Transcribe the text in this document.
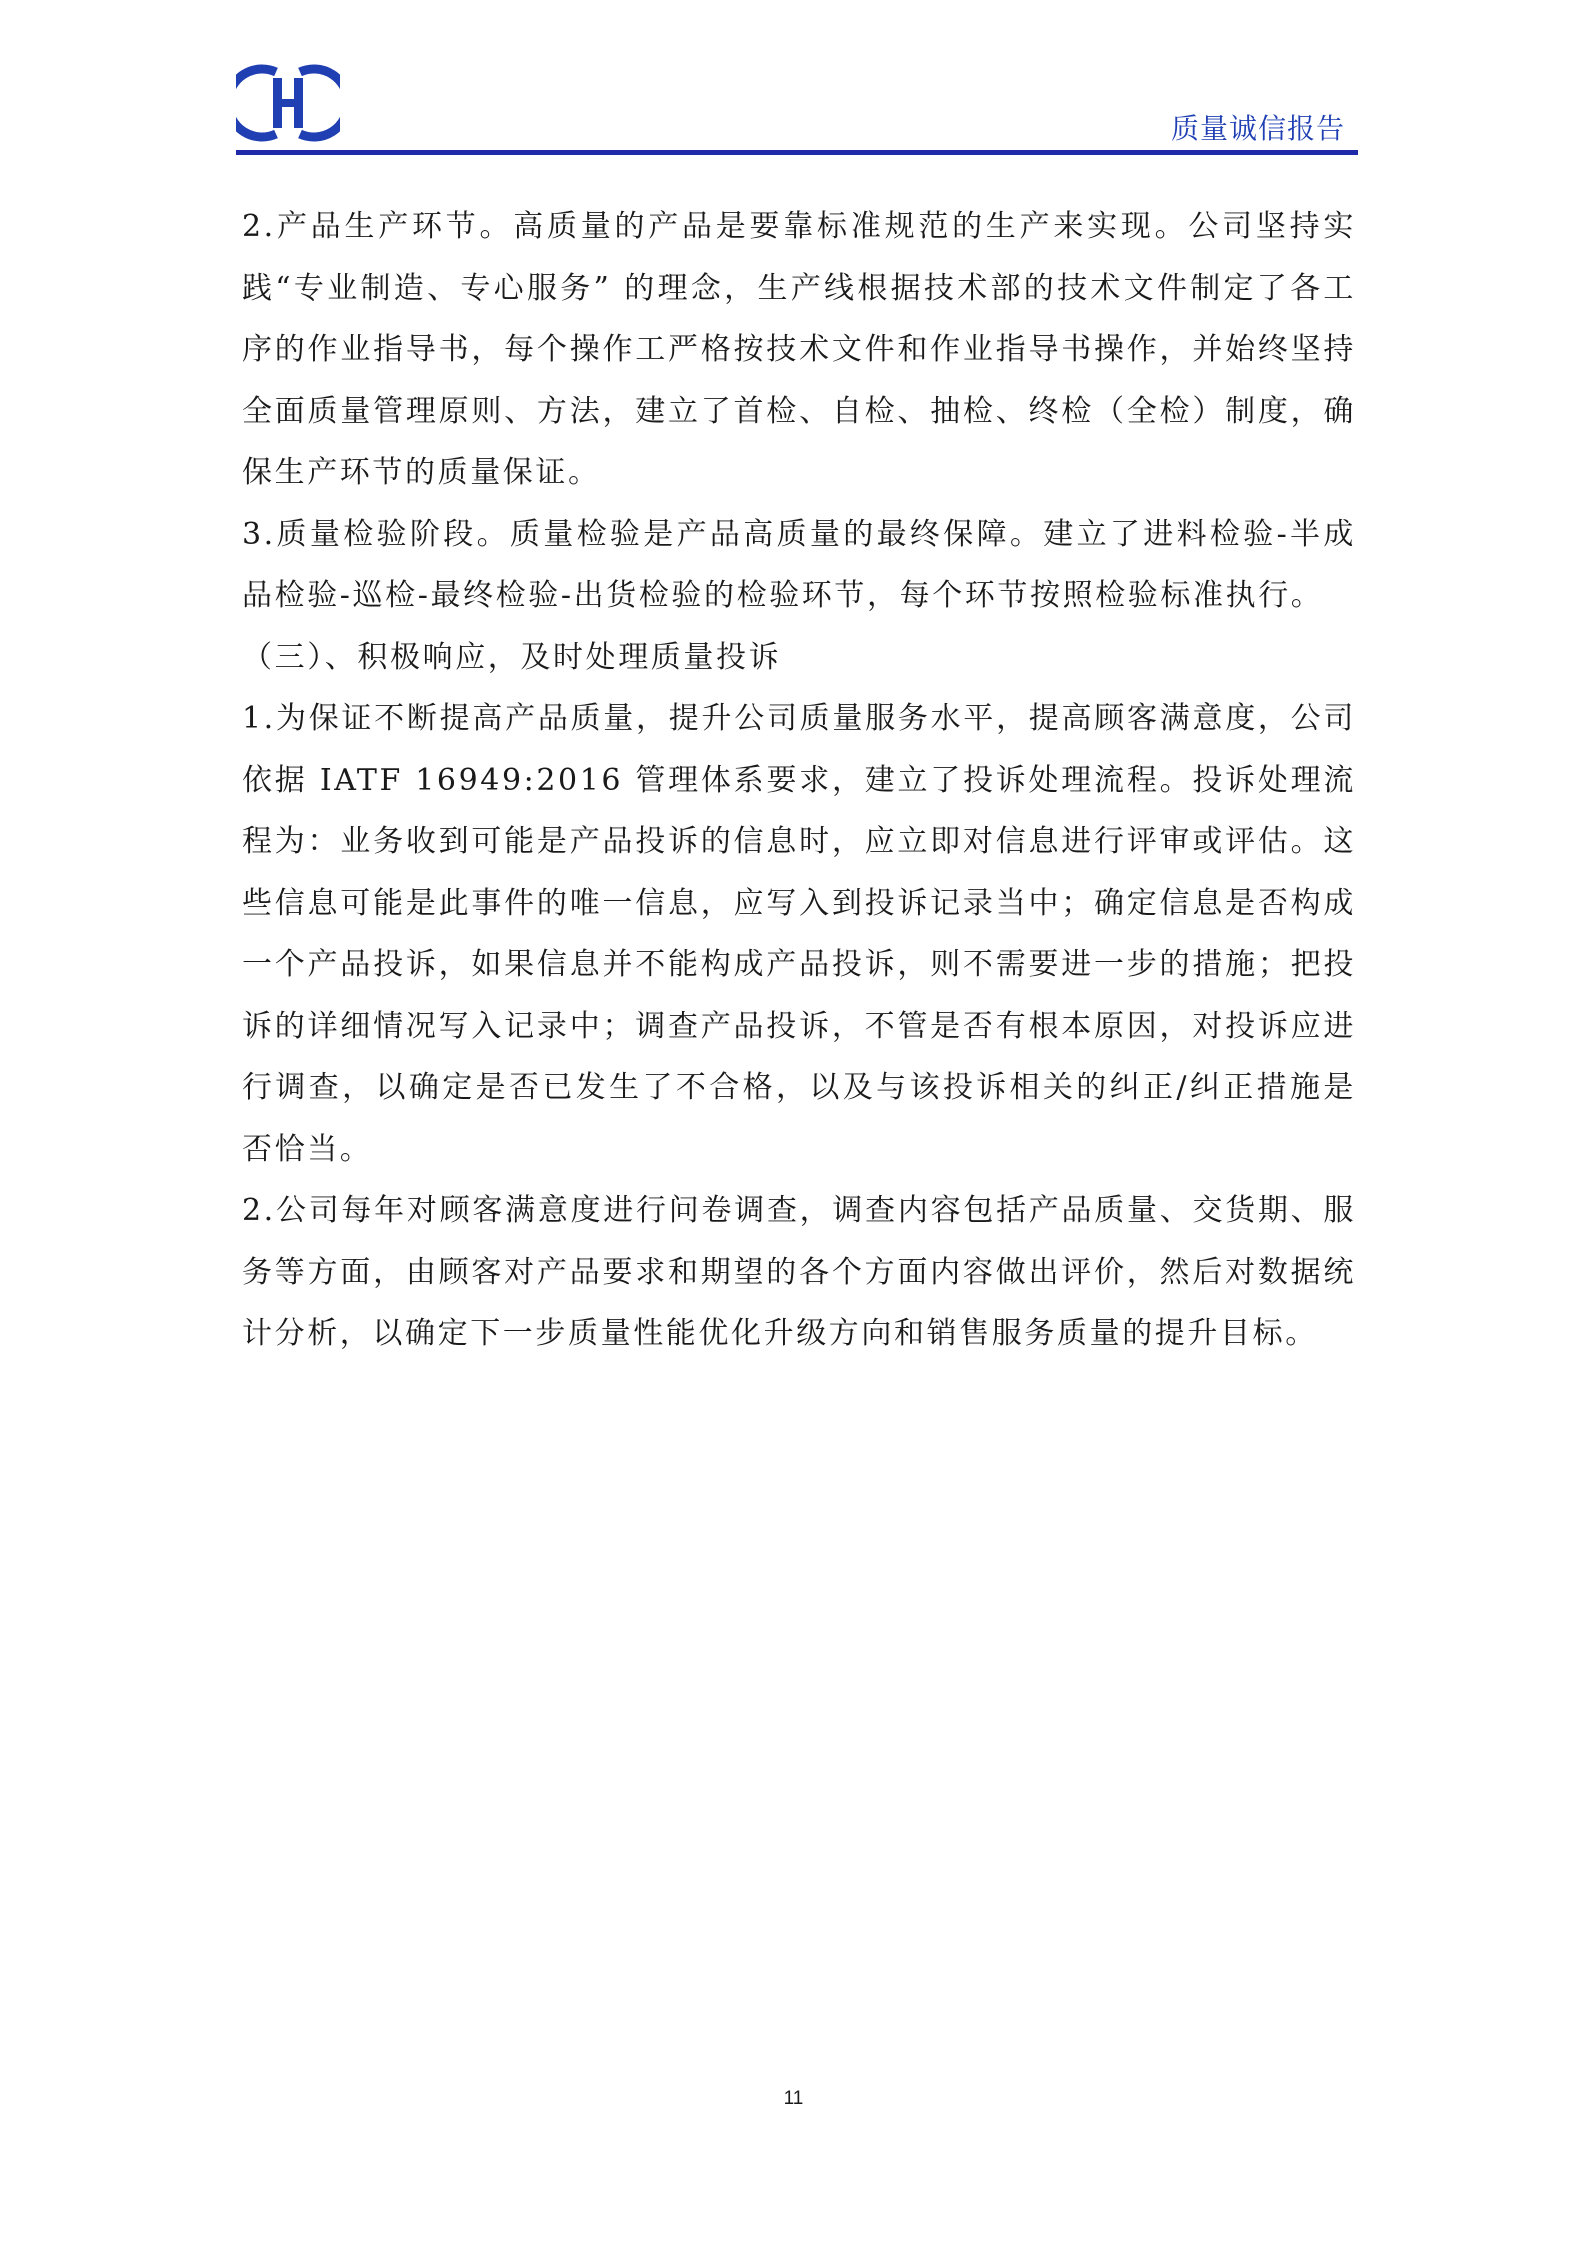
质量诚信报告

2.产品生产环节。高质量的产品是要靠标准规范的生产来实现。公司坚持实践“专业制造、专心服务” 的理念，生产线根据技术部的技术文件制定了各工序的作业指导书，每个操作工严格按技术文件和作业指导书操作，并始终坚持全面质量管理原则、方法，建立了首检、自检、抽检、终检（全检）制度，确保生产环节的质量保证。

3.质量检验阶段。质量检验是产品高质量的最终保障。建立了进料检验-半成品检验-巡检-最终检验-出货检验的检验环节，每个环节按照检验标准执行。

（三）、积极响应，及时处理质量投诉

1.为保证不断提高产品质量，提升公司质量服务水平，提高顾客满意度，公司依据 IATF 16949:2016 管理体系要求，建立了投诉处理流程。投诉处理流程为：业务收到可能是产品投诉的信息时，应立即对信息进行评审或评估。这些信息可能是此事件的唯一信息，应写入到投诉记录当中；确定信息是否构成一个产品投诉，如果信息并不能构成产品投诉，则不需要进一步的措施；把投诉的详细情况写入记录中；调查产品投诉，不管是否有根本原因，对投诉应进行调查，以确定是否已发生了不合格，以及与该投诉相关的纠正/纠正措施是否恰当。

2.公司每年对顾客满意度进行问卷调查，调查内容包括产品质量、交货期、服务等方面，由顾客对产品要求和期望的各个方面内容做出评价，然后对数据统计分析，以确定下一步质量性能优化升级方向和销售服务质量的提升目标。

11
